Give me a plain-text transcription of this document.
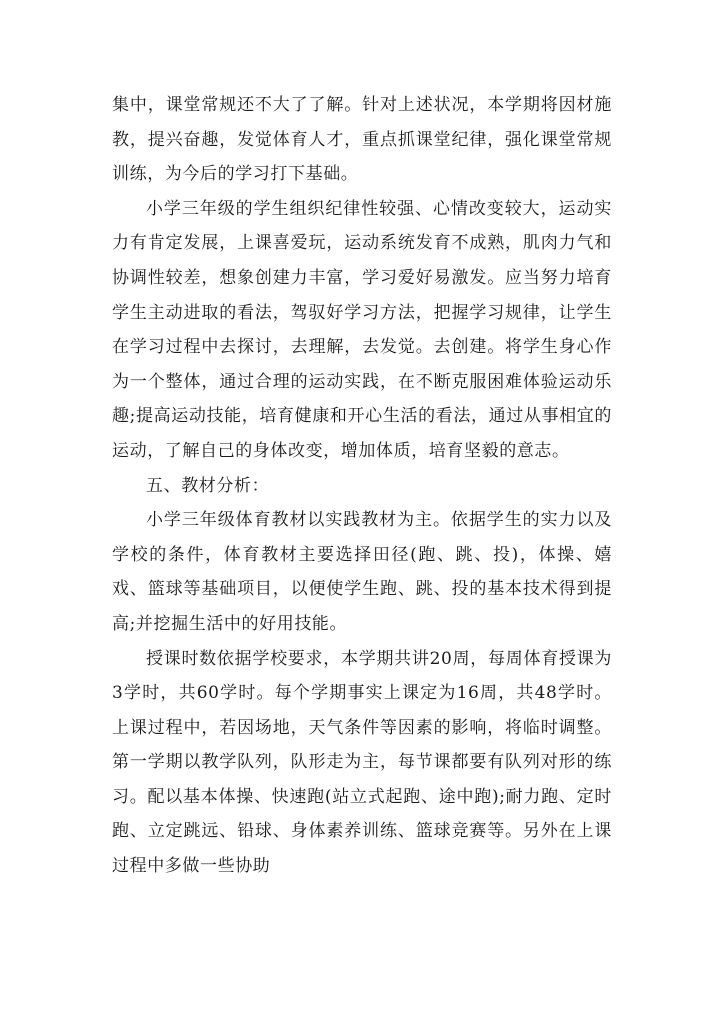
集中，课堂常规还不大了了解。针对上述状况，本学期将因材施教，提兴奋趣，发觉体育人才，重点抓课堂纪律，强化课堂常规训练，为今后的学习打下基础。

小学三年级的学生组织纪律性较强、心情改变较大，运动实力有肯定发展，上课喜爱玩，运动系统发育不成熟，肌肉力气和协调性较差，想象创建力丰富，学习爱好易激发。应当努力培育学生主动进取的看法，驾驭好学习方法，把握学习规律，让学生在学习过程中去探讨，去理解，去发觉。去创建。将学生身心作为一个整体，通过合理的运动实践，在不断克服困难体验运动乐趣;提高运动技能，培育健康和开心生活的看法，通过从事相宜的运动，了解自己的身体改变，增加体质，培育坚毅的意志。

五、教材分析：

小学三年级体育教材以实践教材为主。依据学生的实力以及学校的条件，体育教材主要选择田径(跑、跳、投)，体操、嬉戏、篮球等基础项目，以便使学生跑、跳、投的基本技术得到提高;并挖掘生活中的好用技能。

授课时数依据学校要求，本学期共讲20周，每周体育授课为3学时，共60学时。每个学期事实上课定为16周，共48学时。上课过程中，若因场地，天气条件等因素的影响，将临时调整。第一学期以教学队列，队形走为主，每节课都要有队列对形的练习。配以基本体操、快速跑(站立式起跑、途中跑);耐力跑、定时跑、立定跳远、铅球、身体素养训练、篮球竞赛等。另外在上课过程中多做一些协助
